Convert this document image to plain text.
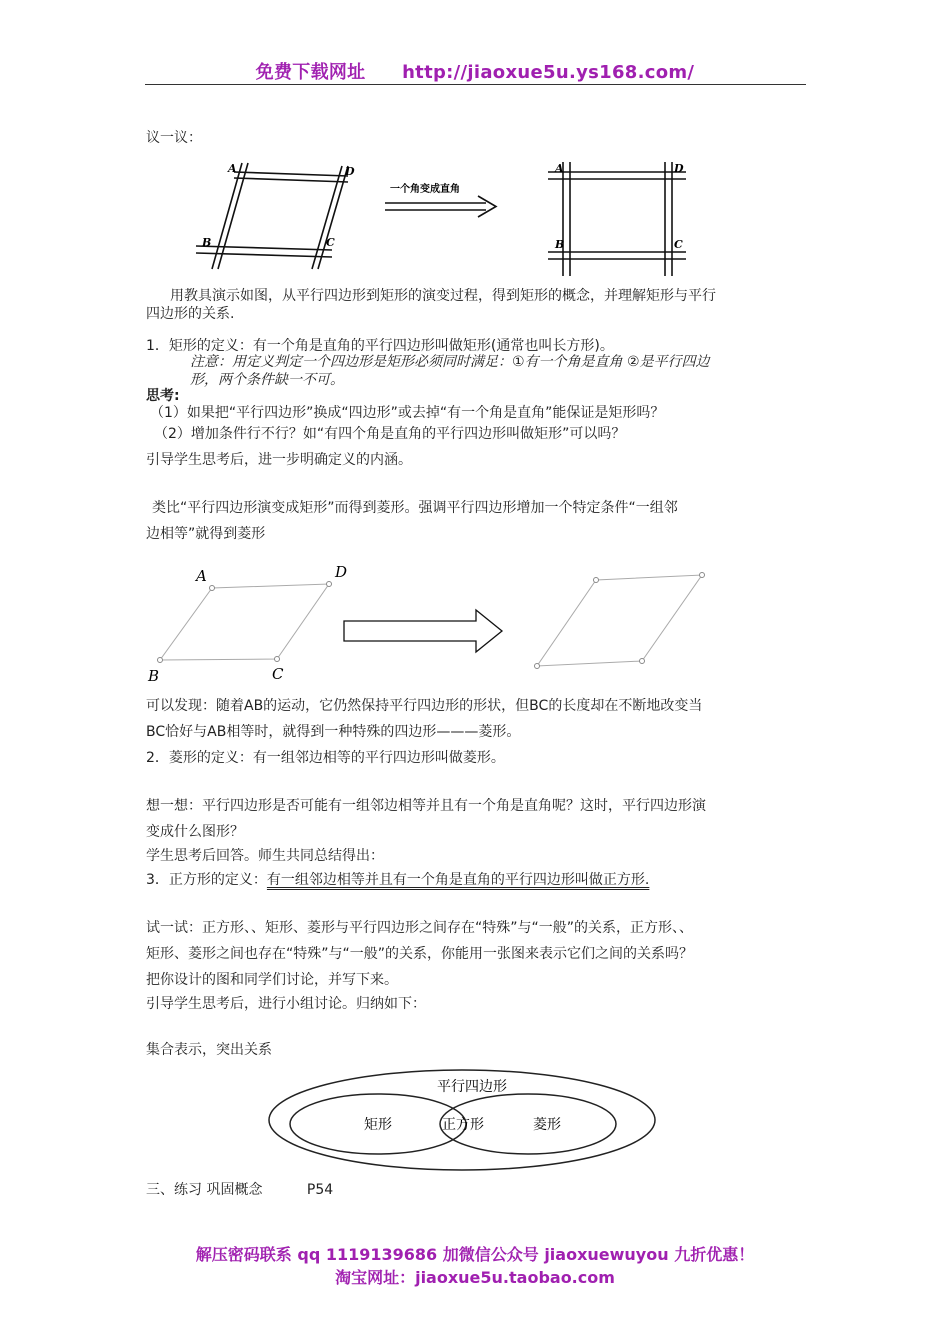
免费下载网址 http://jiaoxue5u.ys168.com/
议一议：
A	D
B	C
一个角变成直角
A	D
B	C
用教具演示如图，从平行四边形到矩形的演变过程，得到矩形的概念，并理解矩形与平行
四边形的关系.
1．矩形的定义：有一个角是直角的平行四边形叫做矩形(通常也叫长方形)。
注意：用定义判定一个四边形是矩形必须同时满足：①有一个角是直角 ②是平行四边
形，两个条件缺一不可。
思考:
（1）如果把“平行四边形”换成“四边形”或去掉“有一个角是直角”能保证是矩形吗？
（2）增加条件行不行？如“有四个角是直角的平行四边形叫做矩形”可以吗？
引导学生思考后，进一步明确定义的内涵。
类比“平行四边形演变成矩形”而得到菱形。强调平行四边形增加一个特定条件“一组邻
边相等”就得到菱形
A	D
B	C
可以发现：随着AB的运动，它仍然保持平行四边形的形状，但BC的长度却在不断地改变当
BC恰好与AB相等时，就得到一种特殊的四边形———菱形。
2．菱形的定义：有一组邻边相等的平行四边形叫做菱形。
想一想：平行四边形是否可能有一组邻边相等并且有一个角是直角呢？这时，平行四边形演
变成什么图形？
学生思考后回答。师生共同总结得出：
3．正方形的定义：有一组邻边相等并且有一个角是直角的平行四边形叫做正方形.
试一试：正方形、、矩形、菱形与平行四边形之间存在“特殊”与“一般”的关系，正方形、、
矩形、菱形之间也存在“特殊”与“一般”的关系，你能用一张图来表示它们之间的关系吗？
把你设计的图和同学们讨论，并写下来。
引导学生思考后，进行小组讨论。归纳如下：
集合表示，突出关系
平行四边形
矩形	正方形	菱形
三、练习 巩固概念	P54
解压密码联系 qq 1119139686 加微信公众号 jiaoxuewuyou 九折优惠！
淘宝网址：jiaoxue5u.taobao.com
